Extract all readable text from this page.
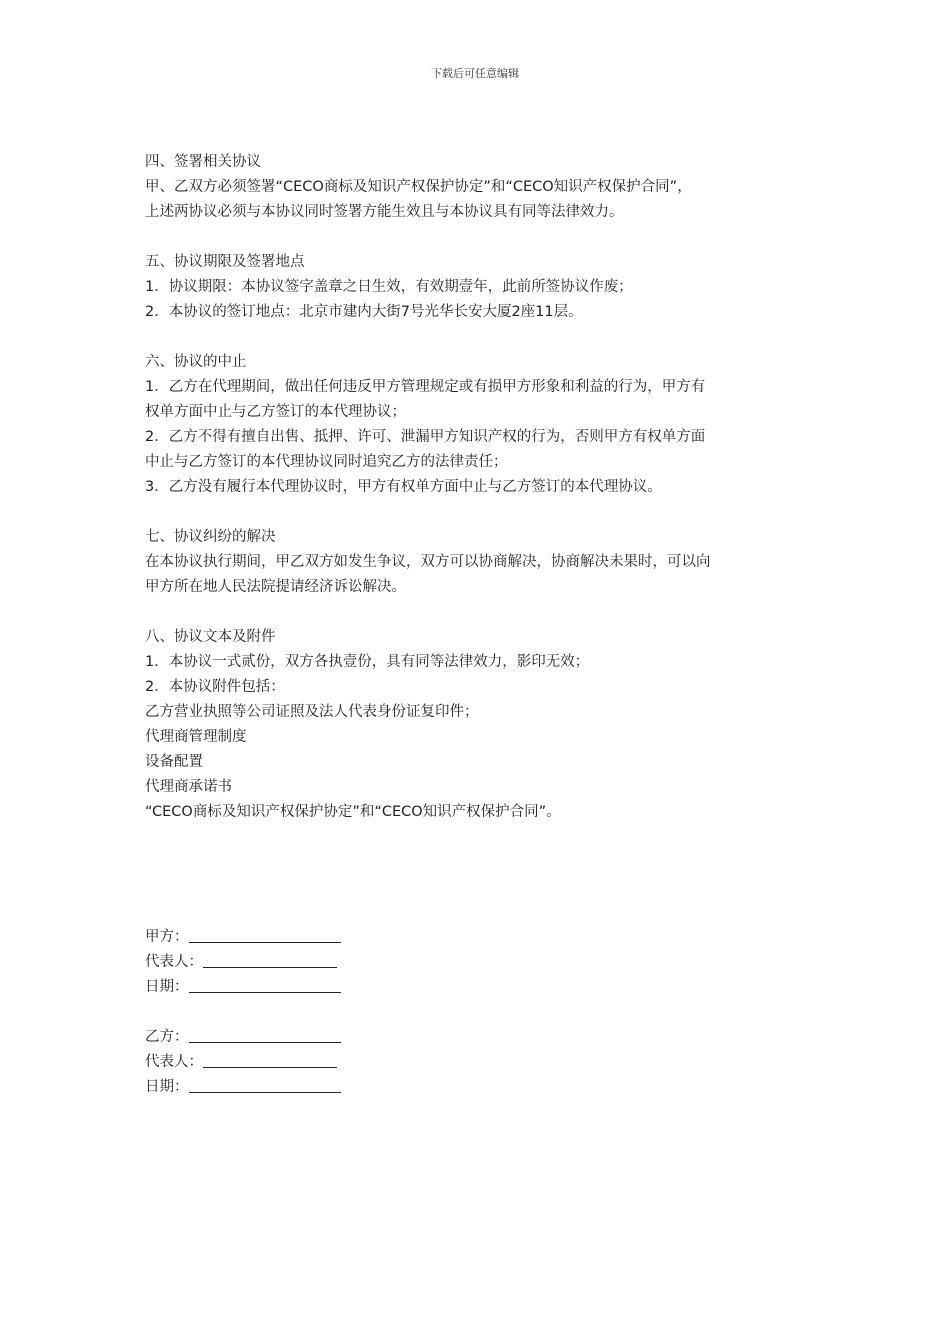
下载后可任意编辑
四、签署相关协议
甲、乙双方必须签署“CECO商标及知识产权保护协定”和“CECO知识产权保护合同”，
上述两协议必须与本协议同时签署方能生效且与本协议具有同等法律效力。
五、协议期限及签署地点
1．协议期限：本协议签字盖章之日生效，有效期壹年，此前所签协议作废；
2．本协议的签订地点：北京市建内大街7号光华长安大厦2座11层。
六、协议的中止
1．乙方在代理期间，做出任何违反甲方管理规定或有损甲方形象和利益的行为，甲方有
权单方面中止与乙方签订的本代理协议；
2．乙方不得有擅自出售、抵押、许可、泄漏甲方知识产权的行为，否则甲方有权单方面
中止与乙方签订的本代理协议同时追究乙方的法律责任；
3．乙方没有履行本代理协议时，甲方有权单方面中止与乙方签订的本代理协议。
七、协议纠纷的解决
在本协议执行期间，甲乙双方如发生争议，双方可以协商解决，协商解决未果时，可以向
甲方所在地人民法院提请经济诉讼解决。
八、协议文本及附件
1．本协议一式贰份，双方各执壹份，具有同等法律效力，影印无效；
2．本协议附件包括：
乙方营业执照等公司证照及法人代表身份证复印件；
代理商管理制度
设备配置
代理商承诺书
“CECO商标及知识产权保护协定”和“CECO知识产权保护合同”。
甲方：
代表人：
日期：
乙方：
代表人：
日期：
